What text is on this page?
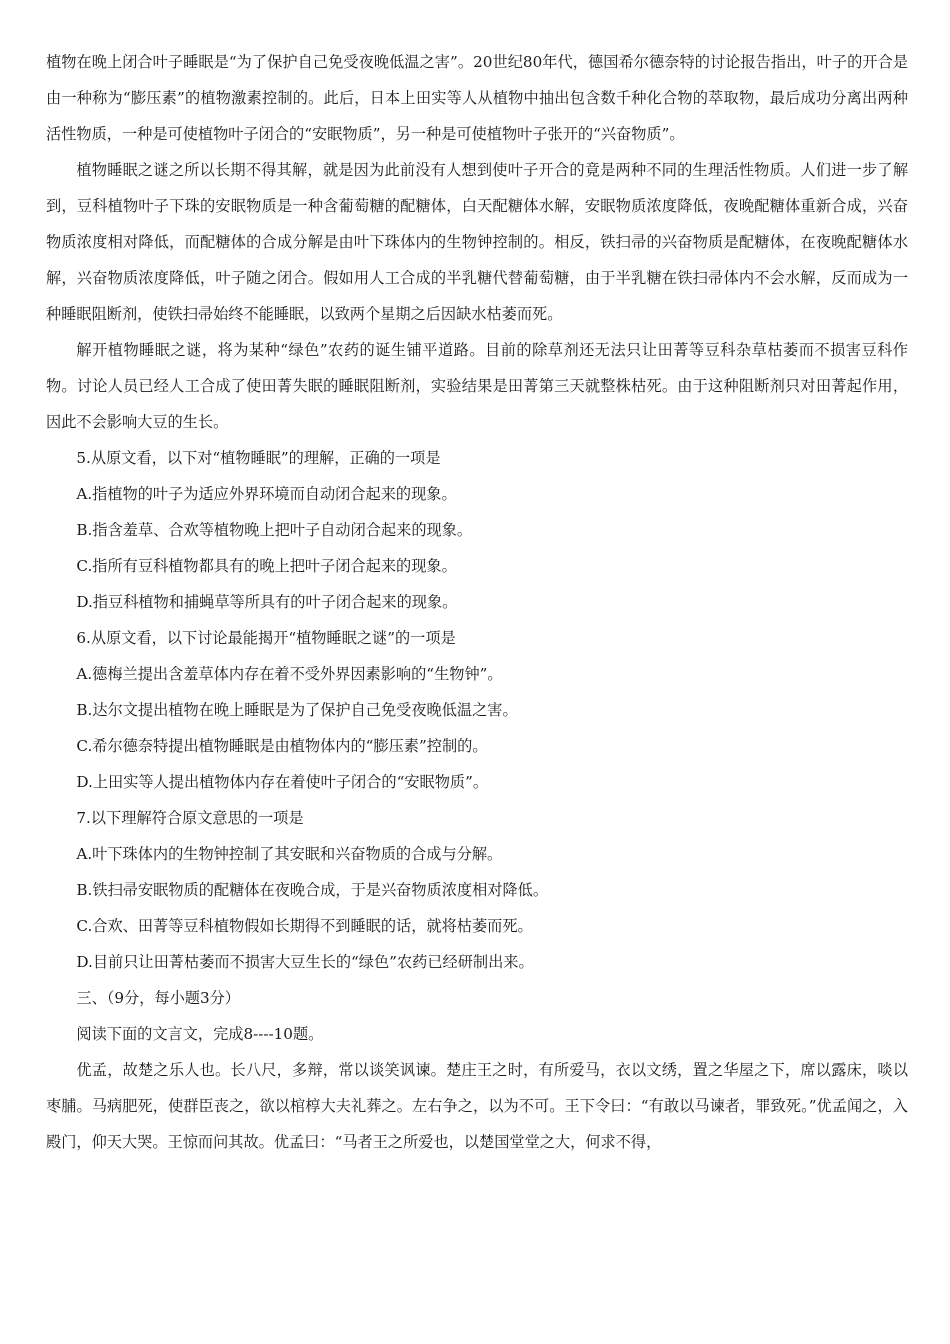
植物在晚上闭合叶子睡眠是“为了保护自己免受夜晚低温之害”。20世纪80年代，德国希尔德奈特的讨论报告指出，叶子的开合是由一种称为“膨压素”的植物激素控制的。此后，日本上田实等人从植物中抽出包含数千种化合物的萃取物，最后成功分离出两种活性物质，一种是可使植物叶子闭合的“安眠物质”，另一种是可使植物叶子张开的“兴奋物质”。

植物睡眠之谜之所以长期不得其解，就是因为此前没有人想到使叶子开合的竟是两种不同的生理活性物质。人们进一步了解到，豆科植物叶子下珠的安眠物质是一种含葡萄糖的配糖体，白天配糖体水解，安眠物质浓度降低，夜晚配糖体重新合成，兴奋物质浓度相对降低，而配糖体的合成分解是由叶下珠体内的生物钟控制的。相反，铁扫帚的兴奋物质是配糖体，在夜晚配糖体水解，兴奋物质浓度降低，叶子随之闭合。假如用人工合成的半乳糖代替葡萄糖，由于半乳糖在铁扫帚体内不会水解，反而成为一种睡眠阻断剂，使铁扫帚始终不能睡眠，以致两个星期之后因缺水枯萎而死。

解开植物睡眠之谜，将为某种“绿色”农药的诞生铺平道路。目前的除草剂还无法只让田菁等豆科杂草枯萎而不损害豆科作物。讨论人员已经人工合成了使田菁失眠的睡眠阻断剂，实验结果是田菁第三天就整株枯死。由于这种阻断剂只对田菁起作用，因此不会影响大豆的生长。

5.从原文看，以下对“植物睡眠”的理解，正确的一项是

A.指植物的叶子为适应外界环境而自动闭合起来的现象。

B.指含羞草、合欢等植物晚上把叶子自动闭合起来的现象。

C.指所有豆科植物都具有的晚上把叶子闭合起来的现象。

D.指豆科植物和捕蝇草等所具有的叶子闭合起来的现象。

6.从原文看，以下讨论最能揭开“植物睡眠之谜”的一项是

A.德梅兰提出含羞草体内存在着不受外界因素影响的“生物钟”。

B.达尔文提出植物在晚上睡眠是为了保护自己免受夜晚低温之害。

C.希尔德奈特提出植物睡眠是由植物体内的“膨压素”控制的。

D.上田实等人提出植物体内存在着使叶子闭合的“安眠物质”。

7.以下理解符合原文意思的一项是

A.叶下珠体内的生物钟控制了其安眠和兴奋物质的合成与分解。

B.铁扫帚安眠物质的配糖体在夜晚合成，于是兴奋物质浓度相对降低。

C.合欢、田菁等豆科植物假如长期得不到睡眠的话，就将枯萎而死。

D.目前只让田菁枯萎而不损害大豆生长的“绿色”农药已经研制出来。

三、（9分，每小题3分）

阅读下面的文言文，完成8----10题。

优孟，故楚之乐人也。长八尺，多辩，常以谈笑讽谏。楚庄王之时，有所爱马，衣以文绣，置之华屋之下，席以露床，啖以枣脯。马病肥死，使群臣丧之，欲以棺椁大夫礼葬之。左右争之，以为不可。王下令曰：“有敢以马谏者，罪致死。”优孟闻之，入殿门，仰天大哭。王惊而问其故。优孟曰：“马者王之所爱也，以楚国堂堂之大，何求不得，
